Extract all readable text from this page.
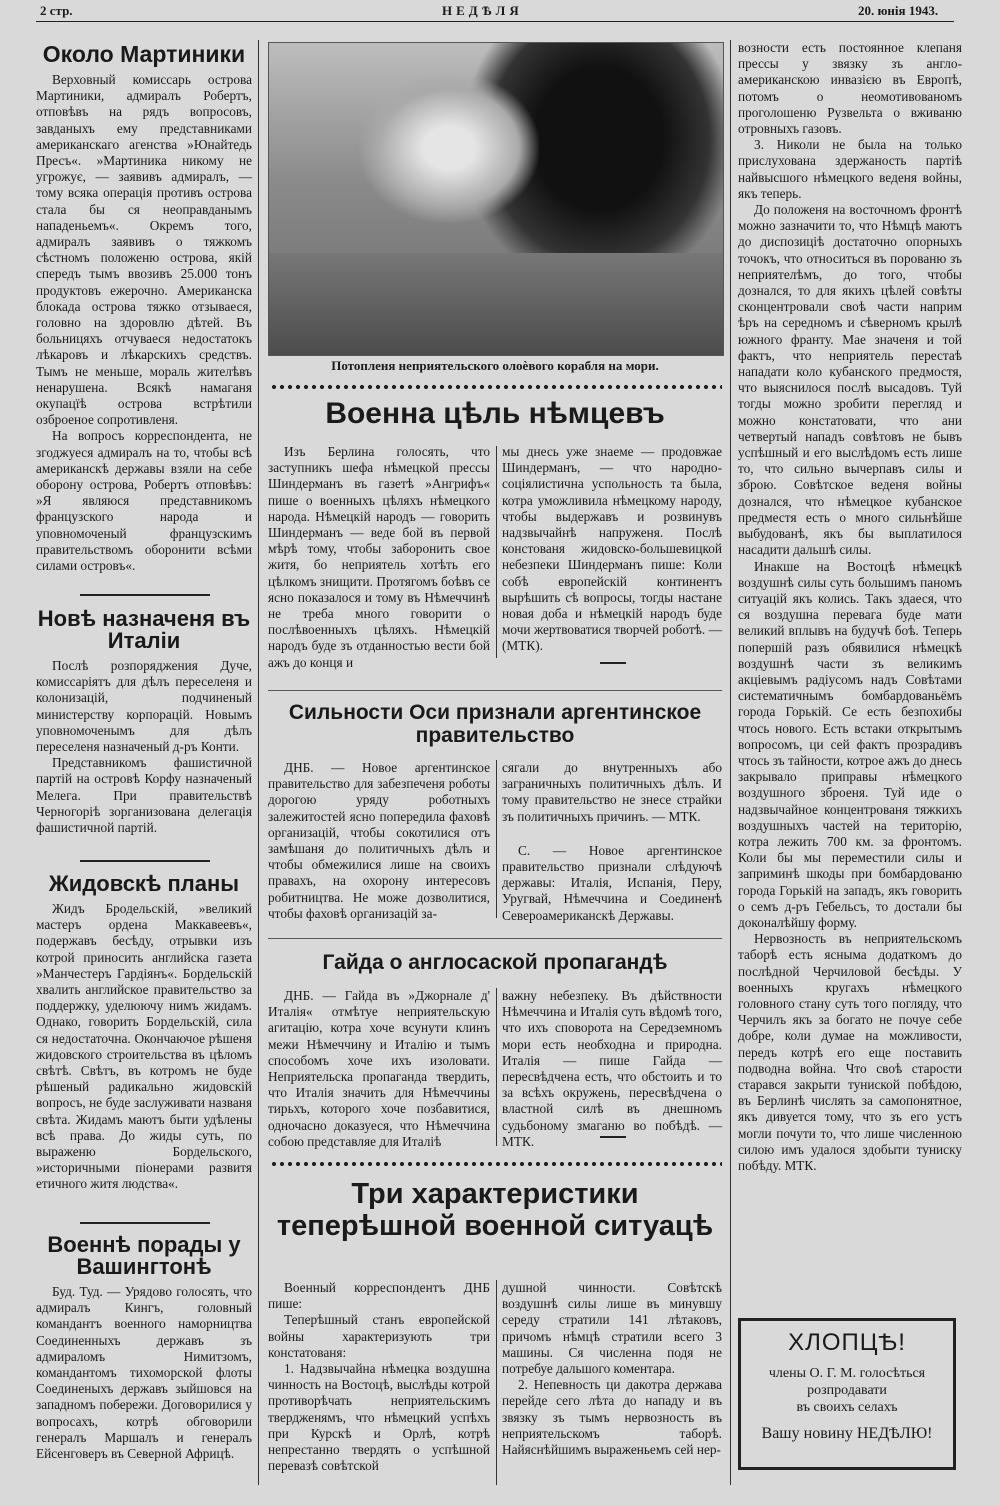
2 стр.	НЕДѢЛЯ	20. юнія 1943.
Около Мартиники

Верховный комиссарь острова Мартиники, адмиралъ Робертъ, отповѣвъ на рядъ вопросовъ, завданыхъ ему представниками американскаго агенства »Юнайтедь Пресъ«. »Мартиника никому не угрожує, — заявивъ адмиралъ, — тому всяка операція противъ острова стала бы ся неоправданымъ нападеньемъ«. Окремъ того, адмиралъ заявивъ о тяжкомъ сѣстномъ положеню острова, якій спередъ тымъ ввозивъ 25.000 тонъ продуктовъ ежерочно. Американска блокада острова тяжко отзываеся, головно на здоровлю дѣтей. Въ больницяхъ отчуваеся недостатокъ лѣкаровъ и лѣкарскихъ средствъ. Тымъ не меньше, мораль жителѣвъ ненарушена. Всякѣ намаганя окупацїѣ острова встрѣтили озброеное сопротивленя.

На вопросъ корреспондента, не згоджуеся адмиралъ на то, чтобы всѣ американскѣ державы взяли на себе оборону острова, Робертъ отповѣвъ: »Я являюся представникомъ французского народа и уповномоченый французскимъ правительствомъ оборонити всѣми силами островъ«.

Новѣ назначеня въ Италіи

Послѣ розпоряджения Дуче, комиссаріятъ для дѣлъ переселеня и колонизацій, подчиненый министерству корпорацій. Новымъ уповномоченымъ для дѣлъ переселеня назначеный д-ръ Конти.

Представникомъ фашистичной партій на островѣ Корфу назначеный Мелега. При правительствѣ Черногоріѣ зорганизована делегація фашистичной партій.

Жидовскѣ планы

Жидъ Бродельскій, »великий мастеръ ордена Маккавеевъ«, подержавъ бесѣду, отрывки изъ котрой приносить английска газета »Манчестеръ Гардіянъ«. Бордельскій хвалить английское правительство за поддержку, уделюючу нимъ жидамъ. Однако, говорить Бордельскій, сила ся недостаточна. Окончаючое рѣшеня жидовского строительства въ цѣломъ свѣтѣ. Свѣтъ, въ котромъ не буде рѣшеный радикально жидовскій вопросъ, не буде заслуживати названя свѣта. Жидамъ маютъ быти удѣлены всѣ права. До жиды суть, по выраженю Бордельского, »историчными піонерами развитя етичного житя людства«.

Военнѣ порады у Вашингтонѣ

Буд. Туд. — Урядово голосять, что адмиралъ Кингъ, головный командантъ военного наморництва Соединенныхъ державъ зъ адмираломъ Нимитзомъ, командантомъ тихоморской флоты Соединеныхъ державъ зыйшовся на западномъ побережи. Договорилися у вопросахъ, котрѣ обговорили генералъ Маршалъ и генералъ Ейсенговеръ въ Северной Африцѣ.

Потопленя неприятельского олоѐвого корабля на мори.
Военна цѣль нѣмцевъ

Изъ Берлина голосять, что заступникъ шефа нѣмецкой прессы Шиндерманъ въ газетѣ »Ангрифъ« пише о военныхъ цѣляхъ нѣмецкого народа. Нѣмецкій народъ — говорить Шиндерманъ — веде бой въ первой мѣрѣ тому, чтобы заборонить свое житя, бо неприятель хотѣть его цѣлкомъ знищити. Протягомъ боѣвъ се ясно показалося и тому въ Нѣмеччинѣ не треба много говорити о послѣвоенныхъ цѣляхъ. Нѣмецкій народъ буде зъ отданностью вести бой ажъ до конця и

мы днесь уже знаеме — продовжае Шиндерманъ, — что народно-соціялистична успольность та была, котра уможливила нѣмецкому народу, чтобы выдержавъ и розвинувъ надзвычайнѣ напруженя. Послѣ констованя жидовско-большевицкой небезпеки Шиндерманъ пише: Коли собѣ европейскій континентъ вырѣшить сѣ вопросы, тогды настане новая доба и нѣмецкій народъ буде мочи жертвоватися творчей роботѣ. — (МТК).

Сильности Оси признали аргентинское правительство

ДНБ. — Новое аргентинское правительство для забезпеченя роботы дорогою уряду роботныхъ залежитостей ясно попередила фаховѣ организацій, чтобы сокотилися отъ замѣшаня до политичныхъ дѣлъ и чтобы обмежилися лише на своихъ правахъ, на охорону интересовъ робитництва. Не може дозволитися, чтобы фаховѣ организацій за-

сягали до внутренныхъ або заграничныхъ политичныхъ дѣлъ. И тому правительство не знесе страйки зъ политичныхъ причинъ. — МТК.

С. — Новое аргентинское правительство признали слѣдуючѣ державы: Италія, Испанія, Перу, Уругвай, Нѣмеччина и Соединенѣ Североамериканскѣ Державы.

Гайда о англосаской пропагандѣ

ДНБ. — Гайда въ »Джорнале д' Италія« отмѣтуе неприятельскую агитацію, котра хоче всунути клинъ межи Нѣмеччину и Италію и тымъ способомъ хоче ихъ изоловати. Неприятельска пропаганда твердить, что Италія значить для Нѣмеччины тирьхъ, которого хоче позбавитися, одночасно доказуеся, что Нѣмеччина собою представляе для Италіѣ

важну небезпеку. Въ дѣйствности Нѣмеччина и Италія суть вѣдомѣ того, что ихъ споворота на Середземномъ мори есть необходна и природна. Италія — пише Гайда — пересвѣдчена есть, что обстоить и то за всѣхъ окружень, пересвѣдчена о властной силѣ въ днешномъ судьбоному змаганю во побѣдѣ. — МТК.

Три характеристики теперѣшной военной ситуацѣ

Военный корреспондентъ ДНБ пише:

Теперѣшный станъ европейской войны характеризують три констатованя:

1. Надзвычайна нѣмецка воздушна чинность на Востоцѣ, выслѣды котрой противорѣчать неприятельскимъ твердженямъ, что нѣмецкий успѣхъ при Курскѣ и Орлѣ, котрѣ непрестанно твердять о успѣшной перевазѣ совѣтской

душной чинности. Совѣтскѣ воздушнѣ силы лише въ минувшу середу стратили 141 лѣтаковъ, причомъ нѣмцѣ стратили всего 3 машины. Ся численна подя не потребуе дальшого коментара.

2. Непевность ци дакотра держава перейде сего лѣта до нападу и въ звязку зъ тымъ нервозность въ неприятельскомъ таборѣ. Найяснѣйшимъ выраженьемъ сей нер-

возности есть постоянное клепаня прессы у звязку зъ англо-американскою инвазією въ Европѣ, потомъ о неомотивованомъ проголошеню Рузвельта о вживаню отровныхъ газовъ.

3. Николи не была на только прислухована здержаность партіѣ найвысшого нѣмецкого веденя войны, якъ теперь.

До положеня на восточномъ фронтѣ можно зазначити то, что Нѣмцѣ маютъ до диспозиціѣ достаточно опорныхъ точокъ, что относиться въ порованю зъ неприятелѣмъ, до того, чтобы дознался, то для якихъ цѣлей совѣты сконцентровали своѣ части наприм ѣръ на середномъ и сѣверномъ крылѣ южного франту. Мае значеня и той фактъ, что неприятель перестаѣ нападати коло кубанского предмостя, что выяснилося послѣ высадовъ. Туй тогды можно зробити перегляд и можно констатовати, что ани четвертый нападъ совѣтовъ не бывъ успѣшный и его выслѣдомъ есть лише то, что сильно вычерпавъ силы и зброю. Совѣтское веденя войны дознался, что нѣмецкое кубанское предместя есть о много сильнѣйше выбудованѣ, якъ бы выплатилося насадити дальшѣ силы.

Инакше на Востоцѣ нѣмецкѣ воздушнѣ силы суть большимъ паномъ ситуацій якъ колись. Такъ здаеся, что ся воздушна перевага буде мати великий вплывъ на будучѣ боѣ. Теперь попершій разъ обявилися нѣмецкѣ воздушнѣ части зъ великимъ акціевымъ радіусомъ надъ Совѣтами систематичнымъ бомбардованьёмъ города Горькій. Се есть безпохибы чтось нового. Есть встаки открытымъ вопросомъ, ци сей фактъ прозрадивъ чтось зъ тайности, котрое ажъ до днесь закрывало приправы нѣмецкого воздушного зброеня. Туй иде о надзвычайное концентрованя тяжкихъ воздушныхъ частей на територію, котра лежить 700 км. за фронтомъ. Коли бы мы переместили силы и заприминѣ шкоды при бомбардованю города Горькій на западъ, якъ говорить о семъ д-ръ Гебельсъ, то достали бы доконалѣйшу форму.

Нервозность въ неприятельскомъ таборѣ есть ясныма додаткомъ до послѣдной Черчиловой бесѣды. У военныхъ кругахъ нѣмецкого головного стану суть того погляду, что Черчилъ якъ за богато не почуе себе добре, коли думае на можливости, передъ котрѣ его еще поставить подводна война. Что своѣ старости старався закрыти туниской побѣдою, въ Берлинѣ числять за самопонятное, якъ дивуется тому, что зъ его устъ могли почути то, что лише численною силою имъ удалося здобыти туниску побѣду. МТК.

ХЛОПЦѢ!
члены О. Г. М. голосѣться розпродавати
въ своихъ селахъ
Вашу новину НЕДѢЛЮ!
